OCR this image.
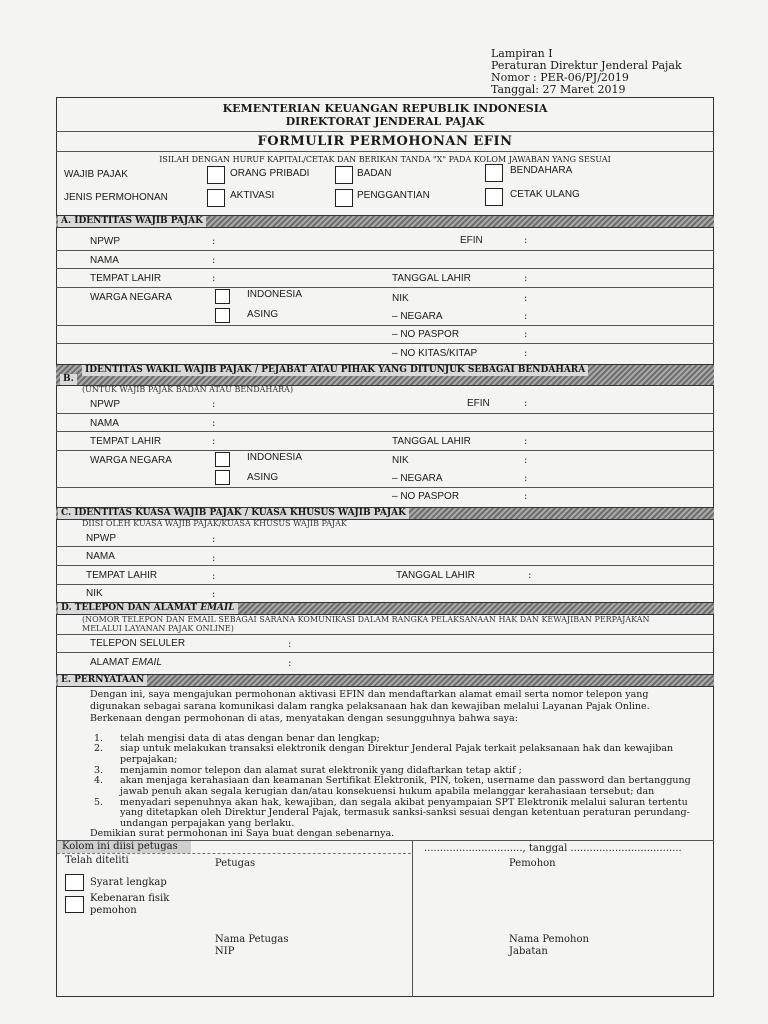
Lampiran I
Peraturan Direktur Jenderal Pajak
Nomor : PER-06/PJ/2019
Tanggal: 27 Maret 2019
KEMENTERIAN KEUANGAN REPUBLIK INDONESIA
DIREKTORAT JENDERAL PAJAK
FORMULIR PERMOHONAN EFIN
ISILAH DENGAN HURUF KAPITAL/CETAK DAN BERIKAN TANDA "X" PADA KOLOM JAWABAN YANG SESUAI
WAJIB PAJAK	ORANG PRIBADI	BADAN	BENDAHARA
JENIS PERMOHONAN	AKTIVASI	PENGGANTIAN	CETAK ULANG
A. IDENTITAS WAJIB PAJAK
NPWP	:	EFIN	:
NAMA	:
TEMPAT LAHIR	:	TANGGAL LAHIR	:
WARGA NEGARA	INDONESIA	NIK	:
ASING	– NEGARA	:
– NO PASPOR	:
– NO KITAS/KITAP	:
B.
IDENTITAS WAKIL WAJIB PAJAK / PEJABAT ATAU PIHAK YANG DITUNJUK SEBAGAI BENDAHARA
(UNTUK WAJIB PAJAK BADAN ATAU BENDAHARA)
NPWP	:	EFIN	:
NAMA	:
TEMPAT LAHIR	:	TANGGAL LAHIR	:
WARGA NEGARA	INDONESIA	NIK	:
ASING	– NEGARA	:
– NO PASPOR	:
C. IDENTITAS KUASA WAJIB PAJAK / KUASA KHUSUS WAJIB PAJAK
DIISI OLEH KUASA WAJIB PAJAK/KUASA KHUSUS WAJIB PAJAK
NPWP	:
NAMA	:
TEMPAT LAHIR	:	TANGGAL LAHIR	:
NIK	:
D. TELEPON DAN ALAMAT EMAIL
(NOMOR TELEPON DAN EMAIL SEBAGAI SARANA KOMUNIKASI DALAM RANGKA PELAKSANAAN HAK DAN KEWAJIBAN PERPAJAKAN
MELALUI LAYANAN PAJAK ONLINE)
TELEPON SELULER	:
ALAMAT EMAIL	:
E. PERNYATAAN
Dengan ini, saya mengajukan permohonan aktivasi EFIN dan mendaftarkan alamat email serta nomor telepon yang
digunakan sebagai sarana komunikasi dalam rangka pelaksanaan hak dan kewajiban melalui Layanan Pajak Online.
Berkenaan dengan permohonan di atas, menyatakan dengan sesungguhnya bahwa saya:
1. telah mengisi data di atas dengan benar dan lengkap;
2. siap untuk melakukan transaksi elektronik dengan Direktur Jenderal Pajak terkait pelaksanaan hak dan kewajiban
perpajakan;
3. menjamin nomor telepon dan alamat surat elektronik yang didaftarkan tetap aktif ;
4. akan menjaga kerahasiaan dan keamanan Sertifikat Elektronik, PIN, token, username dan password dan bertanggung
jawab penuh akan segala kerugian dan/atau konsekuensi hukum apabila melanggar kerahasiaan tersebut; dan
5. menyadari sepenuhnya akan hak, kewajiban, dan segala akibat penyampaian SPT Elektronik melalui saluran tertentu
yang ditetapkan oleh Direktur Jenderal Pajak, termasuk sanksi-sanksi sesuai dengan ketentuan peraturan perundang-
undangan perpajakan yang berlaku.
Demikian surat permohonan ini Saya buat dengan sebenarnya.
Kolom ini diisi petugas
Telah diteliti	Petugas
Syarat lengkap
Kebenaran fisik
pemohon
Nama Petugas
NIP
..............................., tanggal ...................................
Pemohon
Nama Pemohon
Jabatan
